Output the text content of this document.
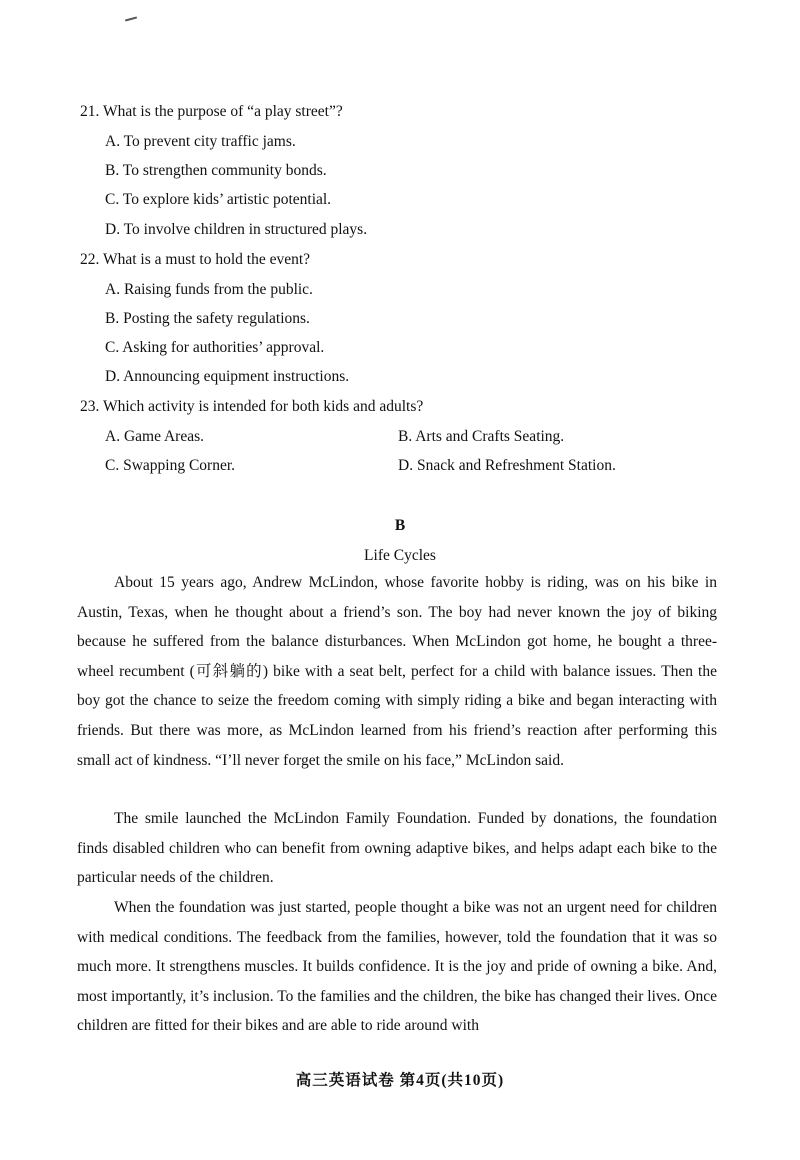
21. What is the purpose of “a play street”?
A. To prevent city traffic jams.
B. To strengthen community bonds.
C. To explore kids’ artistic potential.
D. To involve children in structured plays.
22. What is a must to hold the event?
A. Raising funds from the public.
B. Posting the safety regulations.
C. Asking for authorities’ approval.
D. Announcing equipment instructions.
23. Which activity is intended for both kids and adults?
A. Game Areas.	B. Arts and Crafts Seating.
C. Swapping Corner.	D. Snack and Refreshment Station.
B
Life Cycles
About 15 years ago, Andrew McLindon, whose favorite hobby is riding, was on his bike in Austin, Texas, when he thought about a friend’s son. The boy had never known the joy of biking because he suffered from the balance disturbances. When McLindon got home, he bought a three-wheel recumbent (可斜躺的) bike with a seat belt, perfect for a child with balance issues. Then the boy got the chance to seize the freedom coming with simply riding a bike and began interacting with friends. But there was more, as McLindon learned from his friend’s reaction after performing this small act of kindness. “I’ll never forget the smile on his face,” McLindon said.
The smile launched the McLindon Family Foundation. Funded by donations, the foundation finds disabled children who can benefit from owning adaptive bikes, and helps adapt each bike to the particular needs of the children.
When the foundation was just started, people thought a bike was not an urgent need for children with medical conditions. The feedback from the families, however, told the foundation that it was so much more. It strengthens muscles. It builds confidence. It is the joy and pride of owning a bike. And, most importantly, it’s inclusion. To the families and the children, the bike has changed their lives. Once children are fitted for their bikes and are able to ride around with
高三英语试卷 第4页(共10页)
